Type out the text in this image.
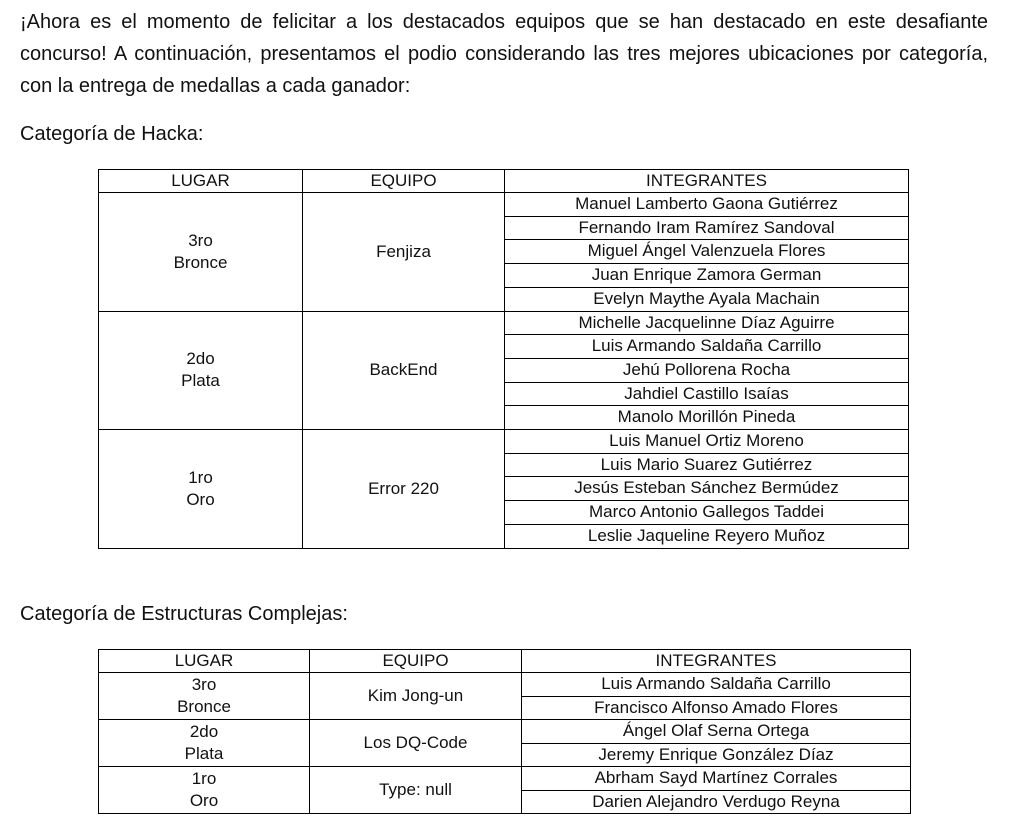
¡Ahora es el momento de felicitar a los destacados equipos que se han destacado en este desafiante concurso! A continuación, presentamos el podio considerando las tres mejores ubicaciones por categoría, con la entrega de medallas a cada ganador:

Categoría de Hacka:

LUGAR	EQUIPO	INTEGRANTES

3ro
Bronce	Fenjiza	Manuel Lamberto Gaona Gutiérrez
		Fernando Iram Ramírez Sandoval
		Miguel Ángel Valenzuela Flores
		Juan Enrique Zamora German
		Evelyn Maythe Ayala Machain

2do
Plata	BackEnd	Michelle Jacquelinne Díaz Aguirre
		Luis Armando Saldaña Carrillo
		Jehú Pollorena Rocha
		Jahdiel Castillo Isaías
		Manolo Morillón Pineda

1ro
Oro	Error 220	Luis Manuel Ortiz Moreno
		Luis Mario Suarez Gutiérrez
		Jesús Esteban Sánchez Bermúdez
		Marco Antonio Gallegos Taddei
		Leslie Jaqueline Reyero Muñoz

Categoría de Estructuras Complejas:

LUGAR	EQUIPO	INTEGRANTES

3ro
Bronce	Kim Jong-un	Luis Armando Saldaña Carrillo
		Francisco Alfonso Amado Flores

2do
Plata	Los DQ-Code	Ángel Olaf Serna Ortega
		Jeremy Enrique González Díaz

1ro
Oro	Type: null	Abrham Sayd Martínez Corrales
		Darien Alejandro Verdugo Reyna
